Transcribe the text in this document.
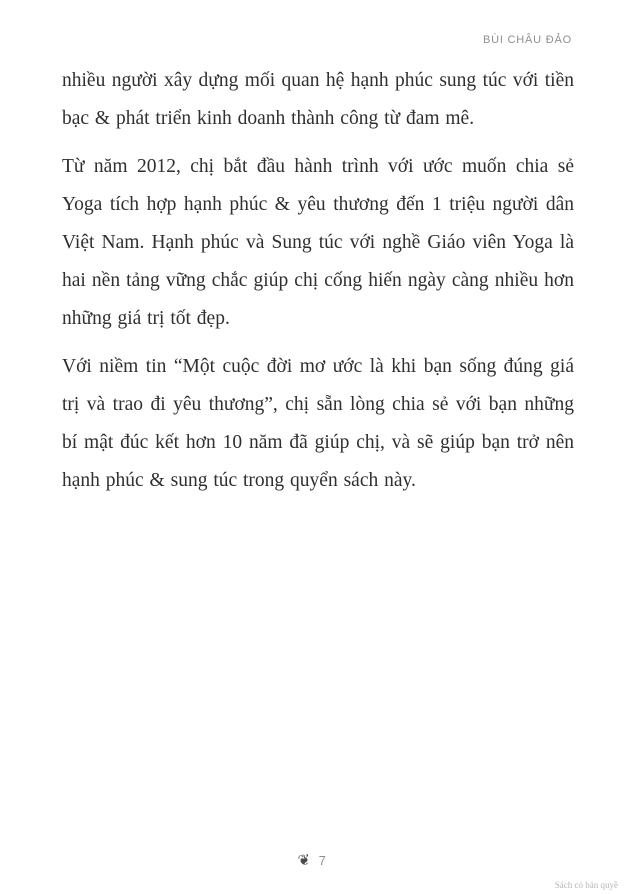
BÙI CHÂU ĐẢO

nhiều người xây dựng mối quan hệ hạnh phúc sung túc với tiền bạc & phát triển kinh doanh thành công từ đam mê.

Từ năm 2012, chị bắt đầu hành trình với ước muốn chia sẻ Yoga tích hợp hạnh phúc & yêu thương đến 1 triệu người dân Việt Nam. Hạnh phúc và Sung túc với nghề Giáo viên Yoga là hai nền tảng vững chắc giúp chị cống hiến ngày càng nhiều hơn những giá trị tốt đẹp.

Với niềm tin “Một cuộc đời mơ ước là khi bạn sống đúng giá trị và trao đi yêu thương”, chị sẵn lòng chia sẻ với bạn những bí mật đúc kết hơn 10 năm đã giúp chị, và sẽ giúp bạn trở nên hạnh phúc & sung túc trong quyển sách này.

❦ 7
Sách có bản quyề
